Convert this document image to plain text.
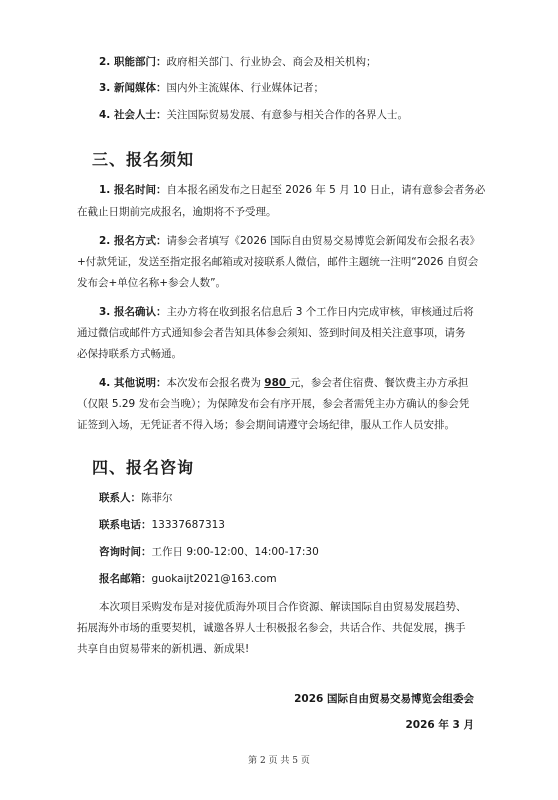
2. 职能部门：政府相关部门、行业协会、商会及相关机构；
3. 新闻媒体：国内外主流媒体、行业媒体记者；
4. 社会人士：关注国际贸易发展、有意参与相关合作的各界人士。
三、报名须知
1. 报名时间：自本报名函发布之日起至 2026 年 5 月 10 日止，请有意参会者务必
在截止日期前完成报名，逾期将不予受理。
2. 报名方式：请参会者填写《2026 国际自由贸易交易博览会新闻发布会报名表》
+付款凭证，发送至指定报名邮箱或对接联系人微信，邮件主题统一注明“2026 自贸会
发布会+单位名称+参会人数”。
3. 报名确认：主办方将在收到报名信息后 3 个工作日内完成审核，审核通过后将
通过微信或邮件方式通知参会者告知具体参会须知、签到时间及相关注意事项，请务
必保持联系方式畅通。
4. 其他说明：本次发布会报名费为 980 元，参会者住宿费、餐饮费主办方承担
（仅限 5.29 发布会当晚）；为保障发布会有序开展，参会者需凭主办方确认的参会凭
证签到入场，无凭证者不得入场；参会期间请遵守会场纪律，服从工作人员安排。
四、报名咨询
联系人：陈菲尔
联系电话：13337687313
咨询时间：工作日 9:00-12:00、14:00-17:30
报名邮箱：guokaijt2021@163.com
本次项目采购发布是对接优质海外项目合作资源、解读国际自由贸易发展趋势、
拓展海外市场的重要契机，诚邀各界人士积极报名参会，共话合作、共促发展，携手
共享自由贸易带来的新机遇、新成果!
2026 国际自由贸易交易博览会组委会
2026 年 3 月
第 2 页 共 5 页
